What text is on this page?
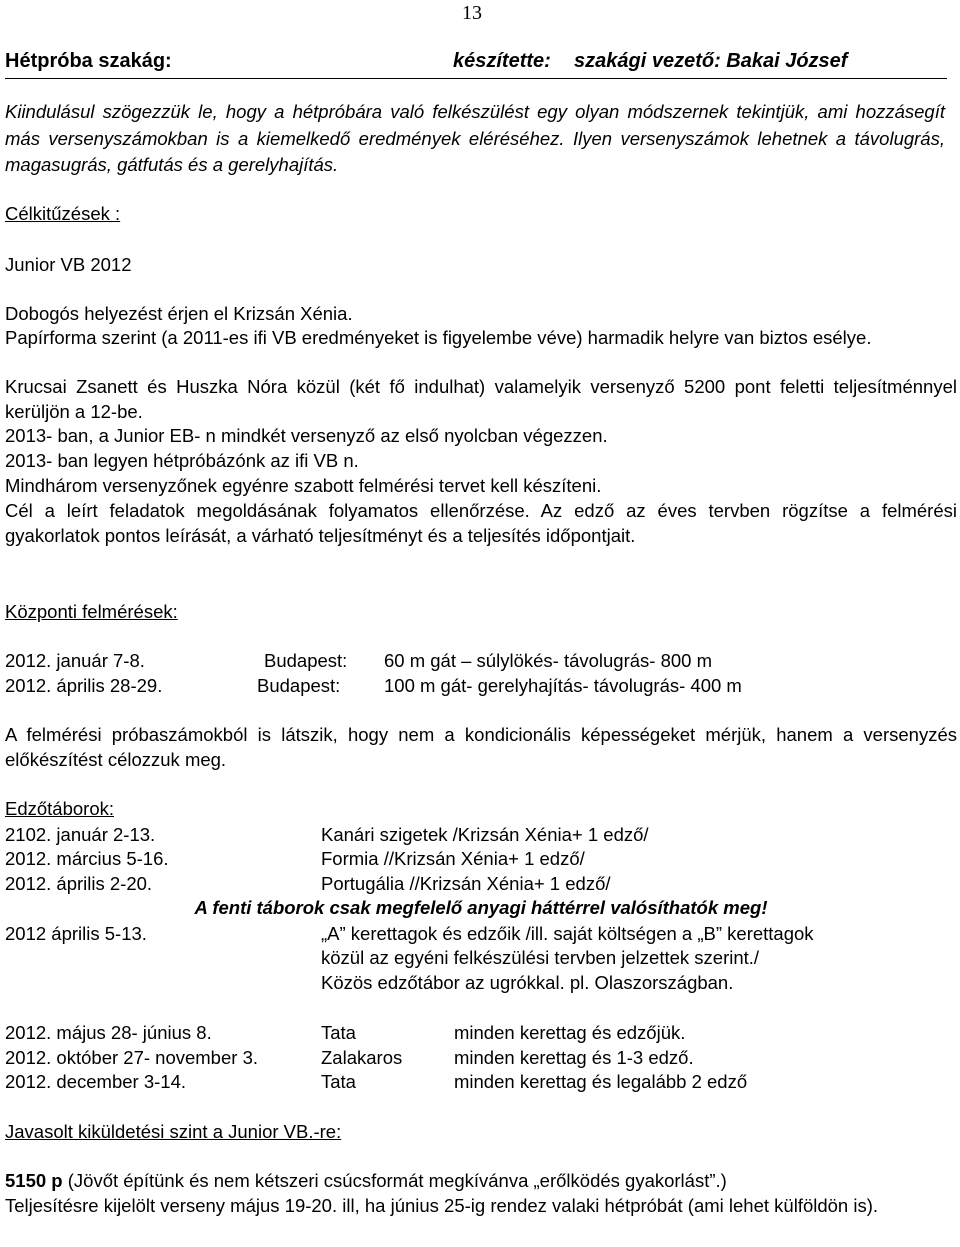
13
Hétpróba szakág:	készítette: szakági vezető: Bakai József
Kiindulásul szögezzük le, hogy a hétpróbára való felkészülést egy olyan módszernek tekintjük, ami hozzásegít más versenyszámokban is a kiemelkedő eredmények eléréséhez. Ilyen versenyszámok lehetnek a távolugrás, magasugrás, gátfutás és a gerelyhajítás.
Célkitűzések :
Junior VB 2012
Dobogós helyezést érjen el Krizsán Xénia.
Papírforma szerint (a 2011-es ifi VB eredményeket is figyelembe véve) harmadik helyre van biztos esélye.
Krucsai Zsanett és Huszka Nóra közül (két fő indulhat) valamelyik versenyző 5200 pont feletti teljesítménnyel kerüljön a 12-be.
2013- ban, a Junior EB- n mindkét versenyző az első nyolcban végezzen.
2013- ban legyen hétpróbázónk az ifi VB n.
Mindhárom versenyzőnek egyénre szabott felmérési tervet kell készíteni.
Cél a leírt feladatok megoldásának folyamatos ellenőrzése. Az edző az éves tervben rögzítse a felmérési gyakorlatok pontos leírását, a várható teljesítményt és a teljesítés időpontjait.
Központi felmérések:
2012. január 7-8.	Budapest: 60 m gát – súlylökés- távolugrás- 800 m
2012. április 28-29.	Budapest: 100 m gát- gerelyhajítás- távolugrás- 400 m
A felmérési próbaszámokból is látszik, hogy nem a kondicionális képességeket mérjük, hanem a versenyzés előkészítést célozzuk meg.
Edzőtáborok:
2102. január 2-13.	Kanári szigetek /Krizsán Xénia+ 1 edző/
2012. március 5-16.	Formia //Krizsán Xénia+ 1 edző/
2012. április 2-20.	Portugália //Krizsán Xénia+ 1 edző/
A fenti táborok csak megfelelő anyagi háttérrel valósíthatók meg!
2012 április 5-13.	„A” kerettagok és edzőik /ill. saját költségen a „B” kerettagok
közül az egyéni felkészülési tervben jelzettek szerint./
Közös edzőtábor az ugrókkal. pl. Olaszországban.
2012. május 28- június 8.	Tata	minden kerettag és edzőjük.
2012. október 27- november 3.	Zalakaros	minden kerettag és 1-3 edző.
2012. december 3-14.	Tata	minden kerettag és legalább 2 edző
Javasolt kiküldetési szint a Junior VB.-re:
5150 p (Jövőt építünk és nem kétszeri csúcsformát megkívánva „erőlködés gyakorlást”.)
Teljesítésre kijelölt verseny május 19-20. ill, ha június 25-ig rendez valaki hétpróbát (ami lehet külföldön is).
